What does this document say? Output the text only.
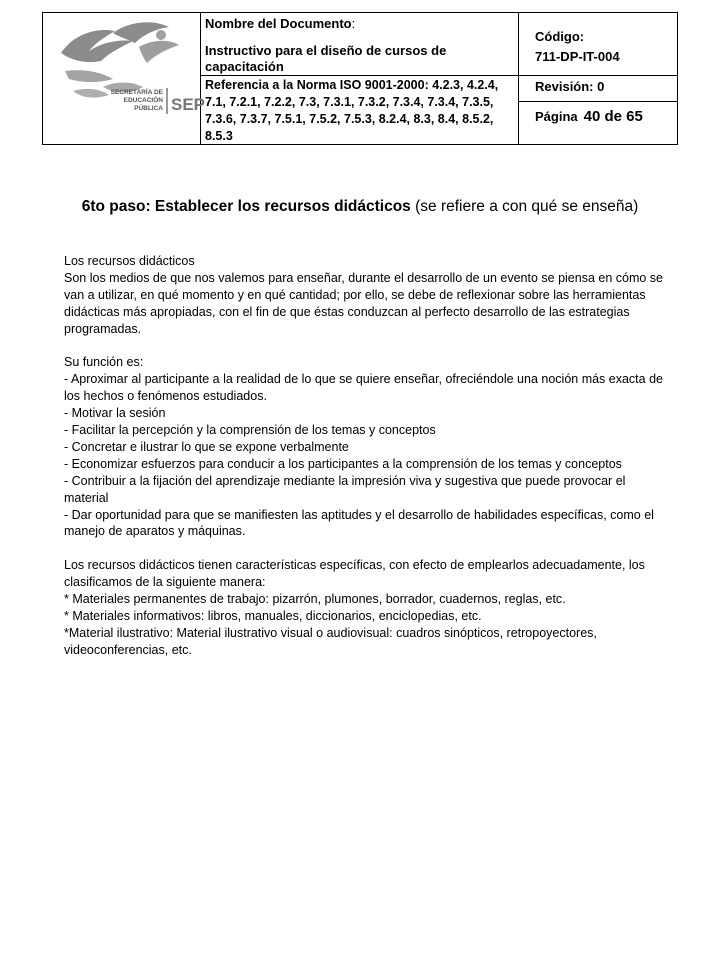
SECRETARÍA DE
EDUCACIÓN
PÚBLICA SEP
Nombre del Documento:
Instructivo para el diseño de cursos de capacitación
Referencia a la Norma ISO 9001-2000: 4.2.3, 4.2.4, 7.1, 7.2.1, 7.2.2, 7.3, 7.3.1, 7.3.2, 7.3.4, 7.3.4, 7.3.5, 7.3.6, 7.3.7, 7.5.1, 7.5.2, 7.5.3, 8.2.4, 8.3, 8.4, 8.5.2, 8.5.3
Código:
711-DP-IT-004
Revisión: 0
Página 40 de 65
6to paso: Establecer los recursos didácticos (se refiere a con qué se enseña)

Los recursos didácticos

Son los medios de que nos valemos para enseñar, durante el desarrollo de un evento se piensa en cómo se van a utilizar, en qué momento y en qué cantidad; por ello, se debe de reflexionar sobre las herramientas didácticas más apropiadas, con el fin de que éstas conduzcan al perfecto desarrollo de las estrategias programadas.

Su función es:

- Aproximar al participante a la realidad de lo que se quiere enseñar, ofreciéndole una noción más exacta de los hechos o fenómenos estudiados.

- Motivar la sesión

- Facilitar la percepción y la comprensión de los temas y conceptos

- Concretar e ilustrar lo que se expone verbalmente

- Economizar esfuerzos para conducir a los participantes a la comprensión de los temas y conceptos

- Contribuir a la fijación del aprendizaje mediante la impresión viva y sugestiva que puede provocar el material

- Dar oportunidad para que se manifiesten las aptitudes y el desarrollo de habilidades específicas, como el manejo de aparatos y máquinas.

Los recursos didácticos tienen características específicas, con efecto de emplearlos adecuadamente, los clasificamos de la siguiente manera:

* Materiales permanentes de trabajo: pizarrón, plumones, borrador, cuadernos, reglas, etc.

* Materiales informativos: libros, manuales, diccionarios, enciclopedias, etc.

*Material ilustrativo: Material ilustrativo visual o audiovisual: cuadros sinópticos, retropoyectores, videoconferencias, etc.
